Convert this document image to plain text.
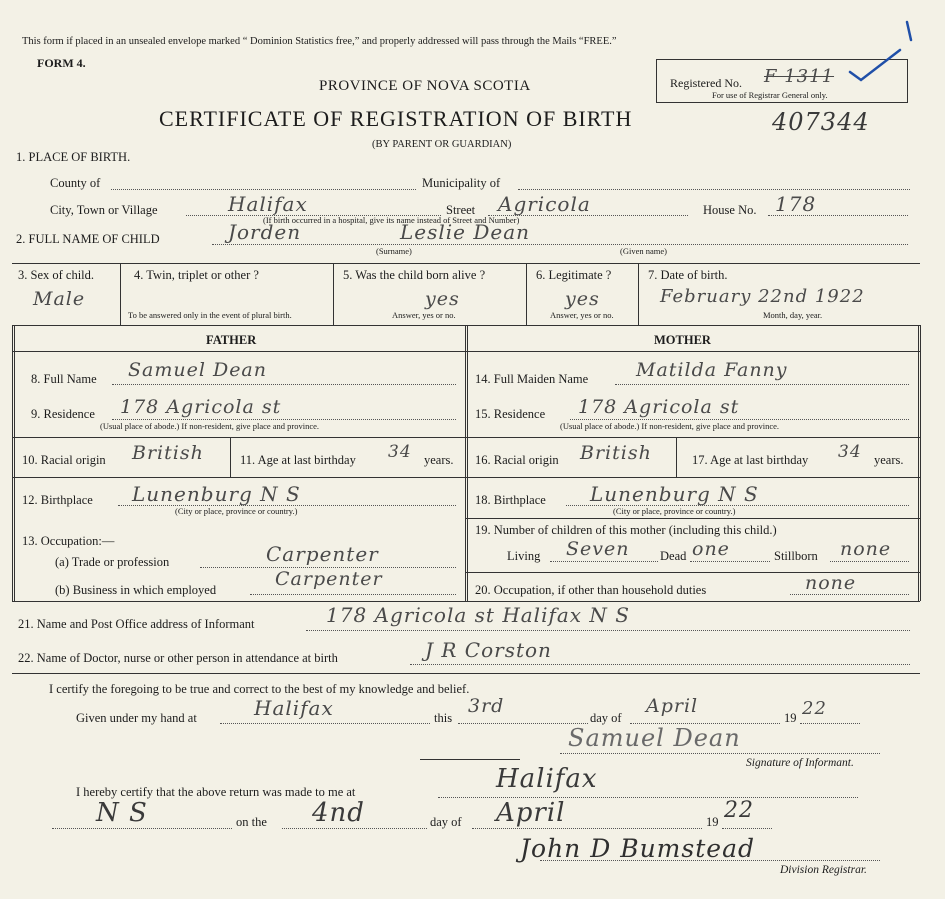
This form if placed in an unsealed envelope marked “ Dominion Statistics free,” and properly addressed will pass through the Mails “FREE.”
FORM 4.
PROVINCE OF NOVA SCOTIA
CERTIFICATE OF REGISTRATION OF BIRTH	407344
(BY PARENT OR GUARDIAN)
Registered No. F 1311
For use of Registrar General only.
1. PLACE OF BIRTH.
County of	Municipality of
City, Town or Village	Halifax	Street Agricola	House No. 178
(If birth occurred in a hospital, give its name instead of Street and Number)
2. FULL NAME OF CHILD	Jorden	Leslie Dean
(Surname)	(Given name)
3. Sex of child.
Male
4. Twin, triplet or other ?
To be answered only in the event of plural birth.
5. Was the child born alive ?
yes
Answer, yes or no.
6. Legitimate ?
yes
Answer, yes or no.
7. Date of birth.
February 22nd 1922
Month, day, year.
FATHER	MOTHER
8. Full Name Samuel Dean	14. Full Maiden Name	Matilda Fanny
9. Residence 178 Agricola st
(Usual place of abode.) If non-resident, give place and province.
15. Residence 178 Agricola st
(Usual place of abode.) If non-resident, give place and province.
10. Racial origin British	11. Age at last birthday 34 years. 16. Racial origin British	17. Age at last birthday 34 years.
12. Birthplace Lunenburg N S
(City or place, province or country.)
18. Birthplace Lunenburg N S
(City or place, province or country.)
13. Occupation:—
19. Number of children of this mother (including this child.)
(a) Trade or profession	Carpenter	Living Seven Dead one	Stillborn none
(b) Business in which employed	Carpenter	20. Occupation, if other than household duties	none
21. Name and Post Office address of Informant	178 Agricola st Halifax N S
22. Name of Doctor, nurse or other person in attendance at birth	J R Corston
I certify the foregoing to be true and correct to the best of my knowledge and belief.
Given under my hand at	Halifax	this
3rd
day of
April
19 22
Samuel Dean
Signature of Informant.
I hereby certify that the above return was made to me at	Halifax
N S	on the 4nd	day of April	19 22
John D Bumstead
Division Registrar.
